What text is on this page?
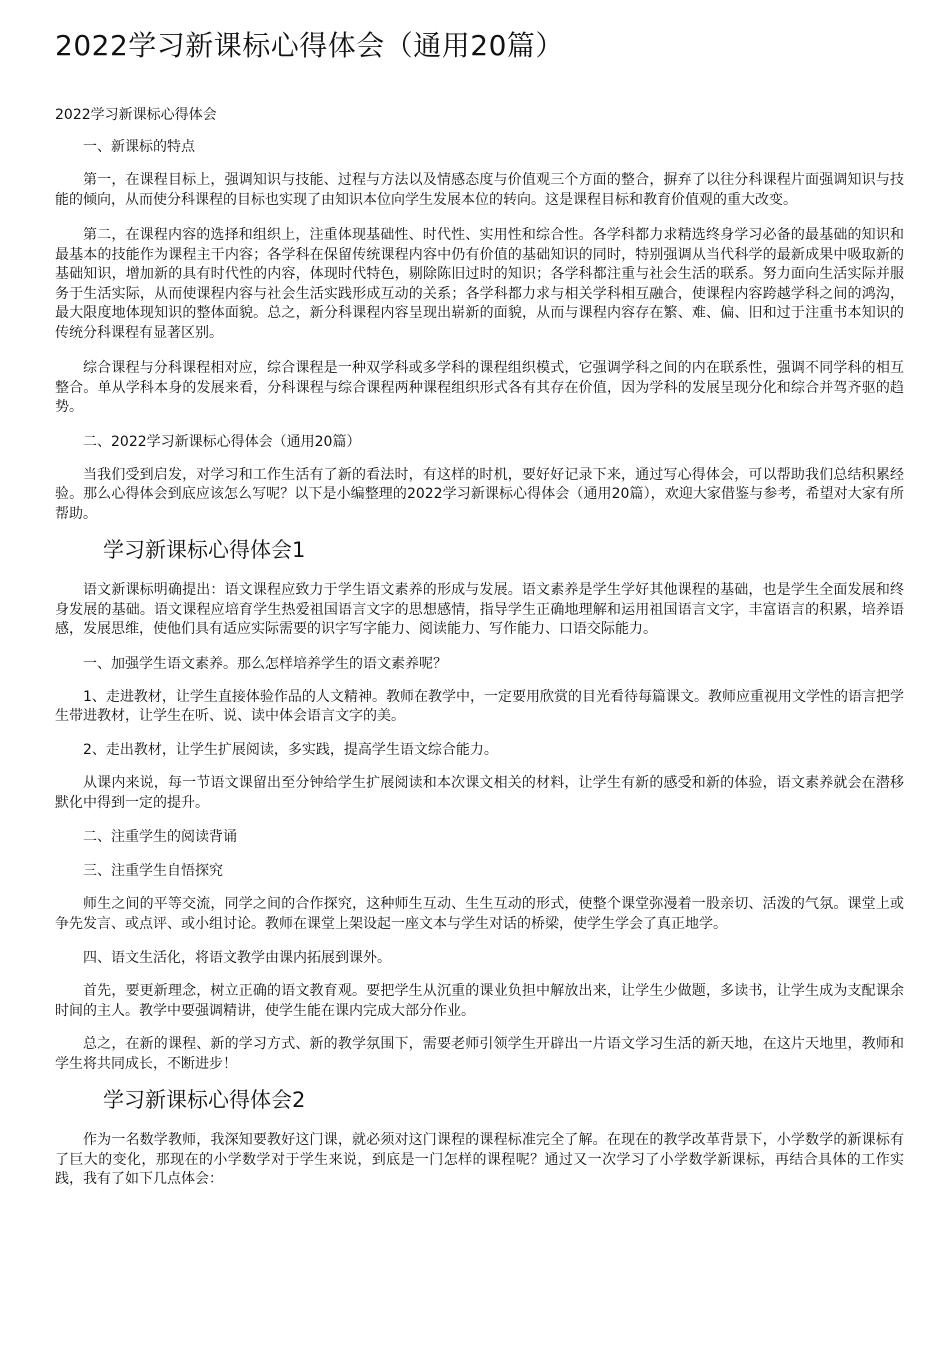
2022学习新课标心得体会（通用20篇）

2022学习新课标心得体会

一、新课标的特点

第一，在课程目标上，强调知识与技能、过程与方法以及情感态度与价值观三个方面的整合，摒弃了以往分科课程片面强调知识与技能的倾向，从而使分科课程的目标也实现了由知识本位向学生发展本位的转向。这是课程目标和教育价值观的重大改变。

第二，在课程内容的选择和组织上，注重体现基础性、时代性、实用性和综合性。各学科都力求精选终身学习必备的最基础的知识和最基本的技能作为课程主干内容；各学科在保留传统课程内容中仍有价值的基础知识的同时，特别强调从当代科学的最新成果中吸取新的基础知识，增加新的具有时代性的内容，体现时代特色，剔除陈旧过时的知识；各学科都注重与社会生活的联系。努力面向生活实际并服务于生活实际，从而使课程内容与社会生活实践形成互动的关系；各学科都力求与相关学科相互融合，使课程内容跨越学科之间的鸿沟，最大限度地体现知识的整体面貌。总之，新分科课程内容呈现出崭新的面貌，从而与课程内容存在繁、难、偏、旧和过于注重书本知识的传统分科课程有显著区别。

综合课程与分科课程相对应，综合课程是一种双学科或多学科的课程组织模式，它强调学科之间的内在联系性，强调不同学科的相互整合。单从学科本身的发展来看，分科课程与综合课程两种课程组织形式各有其存在价值，因为学科的发展呈现分化和综合并驾齐驱的趋势。

二、2022学习新课标心得体会（通用20篇）

当我们受到启发，对学习和工作生活有了新的看法时，有这样的时机，要好好记录下来，通过写心得体会，可以帮助我们总结积累经验。那么心得体会到底应该怎么写呢？以下是小编整理的2022学习新课标心得体会（通用20篇），欢迎大家借鉴与参考，希望对大家有所帮助。

学习新课标心得体会1

语文新课标明确提出：语文课程应致力于学生语文素养的形成与发展。语文素养是学生学好其他课程的基础，也是学生全面发展和终身发展的基础。语文课程应培育学生热爱祖国语言文字的思想感情，指导学生正确地理解和运用祖国语言文字，丰富语言的积累，培养语感，发展思维，使他们具有适应实际需要的识字写字能力、阅读能力、写作能力、口语交际能力。

一、加强学生语文素养。那么怎样培养学生的语文素养呢？

1、走进教材，让学生直接体验作品的人文精神。教师在教学中，一定要用欣赏的目光看待每篇课文。教师应重视用文学性的语言把学生带进教材，让学生在听、说、读中体会语言文字的美。

2、走出教材，让学生扩展阅读，多实践，提高学生语文综合能力。

从课内来说，每一节语文课留出至分钟给学生扩展阅读和本次课文相关的材料，让学生有新的感受和新的体验，语文素养就会在潜移默化中得到一定的提升。

二、注重学生的阅读背诵

三、注重学生自悟探究

师生之间的平等交流，同学之间的合作探究，这种师生互动、生生互动的形式，使整个课堂弥漫着一股亲切、活泼的气氛。课堂上或争先发言、或点评、或小组讨论。教师在课堂上架设起一座文本与学生对话的桥梁，使学生学会了真正地学。

四、语文生活化，将语文教学由课内拓展到课外。

首先，要更新理念，树立正确的语文教育观。要把学生从沉重的课业负担中解放出来，让学生少做题，多读书，让学生成为支配课余时间的主人。教学中要强调精讲，使学生能在课内完成大部分作业。

总之，在新的课程、新的学习方式、新的教学氛围下，需要老师引领学生开辟出一片语文学习生活的新天地，在这片天地里，教师和学生将共同成长，不断进步！

学习新课标心得体会2

作为一名数学教师，我深知要教好这门课，就必须对这门课程的课程标准完全了解。在现在的教学改革背景下，小学数学的新课标有了巨大的变化，那现在的小学数学对于学生来说，到底是一门怎样的课程呢？通过又一次学习了小学数学新课标，再结合具体的工作实践，我有了如下几点体会：
